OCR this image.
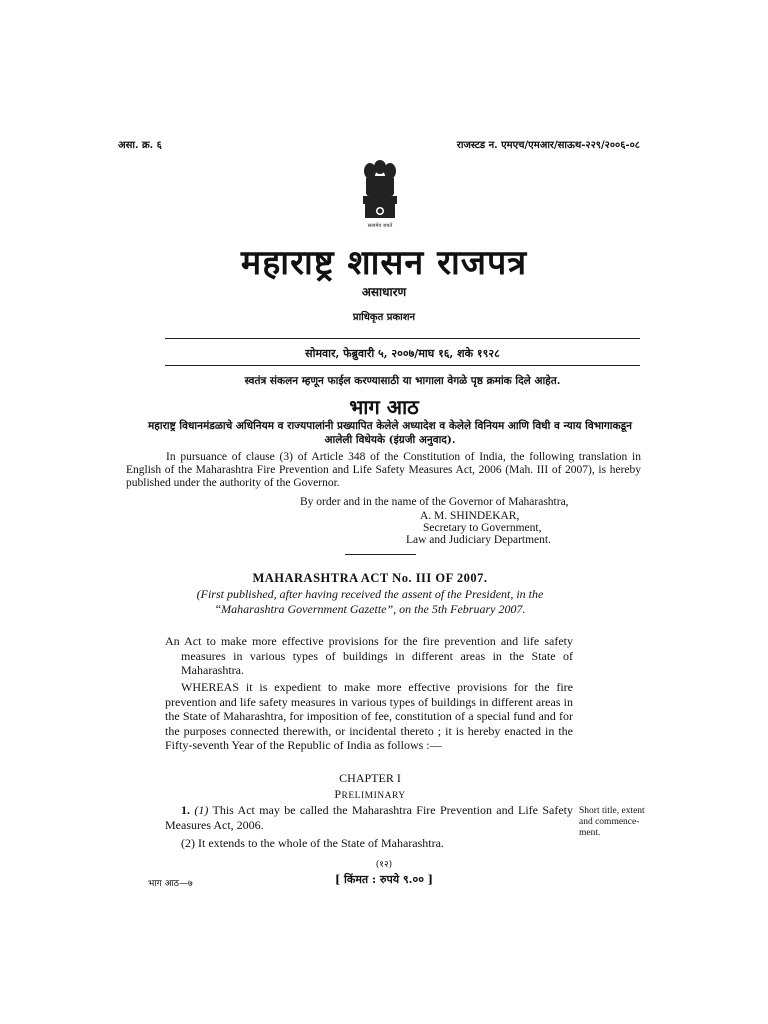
असा. क्र. ६	राजस्टड न. एमएच/एमआर/साऊथ-२२९/२००६-०८
सत्यमेव जयते
महाराष्ट्र शासन राजपत्र
असाधारण
प्राधिकृत प्रकाशन
सोमवार, फेब्रुवारी ५, २००७/माघ १६, शके १९२८
स्वतंत्र संकलन म्हणून फाईल करण्यासाठी या भागाला वेगळे पृष्ठ क्रमांक दिले आहेत.
भाग आठ
महाराष्ट्र विधानमंडळाचे अधिनियम व राज्यपालांनी प्रख्यापित केलेले अध्यादेश व केलेले विनियम आणि विधी व न्याय विभागाकडून आलेली विधेयके (इंग्रजी अनुवाद).
In pursuance of clause (3) of Article 348 of the Constitution of India, the following translation in English of the Maharashtra Fire Prevention and Life Safety Measures Act, 2006 (Mah. III of 2007), is hereby published under the authority of the Governor.
By order and in the name of the Governor of Maharashtra,
A. M. SHINDEKAR,
Secretary to Government,
Law and Judiciary Department.
MAHARASHTRA ACT No. III OF 2007.
(First published, after having received the assent of the President, in the “Maharashtra Government Gazette”, on the 5th February 2007.
An Act to make more effective provisions for the fire prevention and life safety measures in various types of buildings in different areas in the State of Maharashtra.
WHEREAS it is expedient to make more effective provisions for the fire prevention and life safety measures in various types of buildings in different areas in the State of Maharashtra, for imposition of fee, constitution of a special fund and for the purposes connected therewith, or incidental thereto ; it is hereby enacted in the Fifty-seventh Year of the Republic of India as follows :—
CHAPTER I
PRELIMINARY
1. (1) This Act may be called the Maharashtra Fire Prevention and Life Safety Measures Act, 2006.
(2) It extends to the whole of the State of Maharashtra.
Short title, extent and commence- ment.
(१२)
भाग आठ—७	[ किंमत : रुपये ९.०० ]
